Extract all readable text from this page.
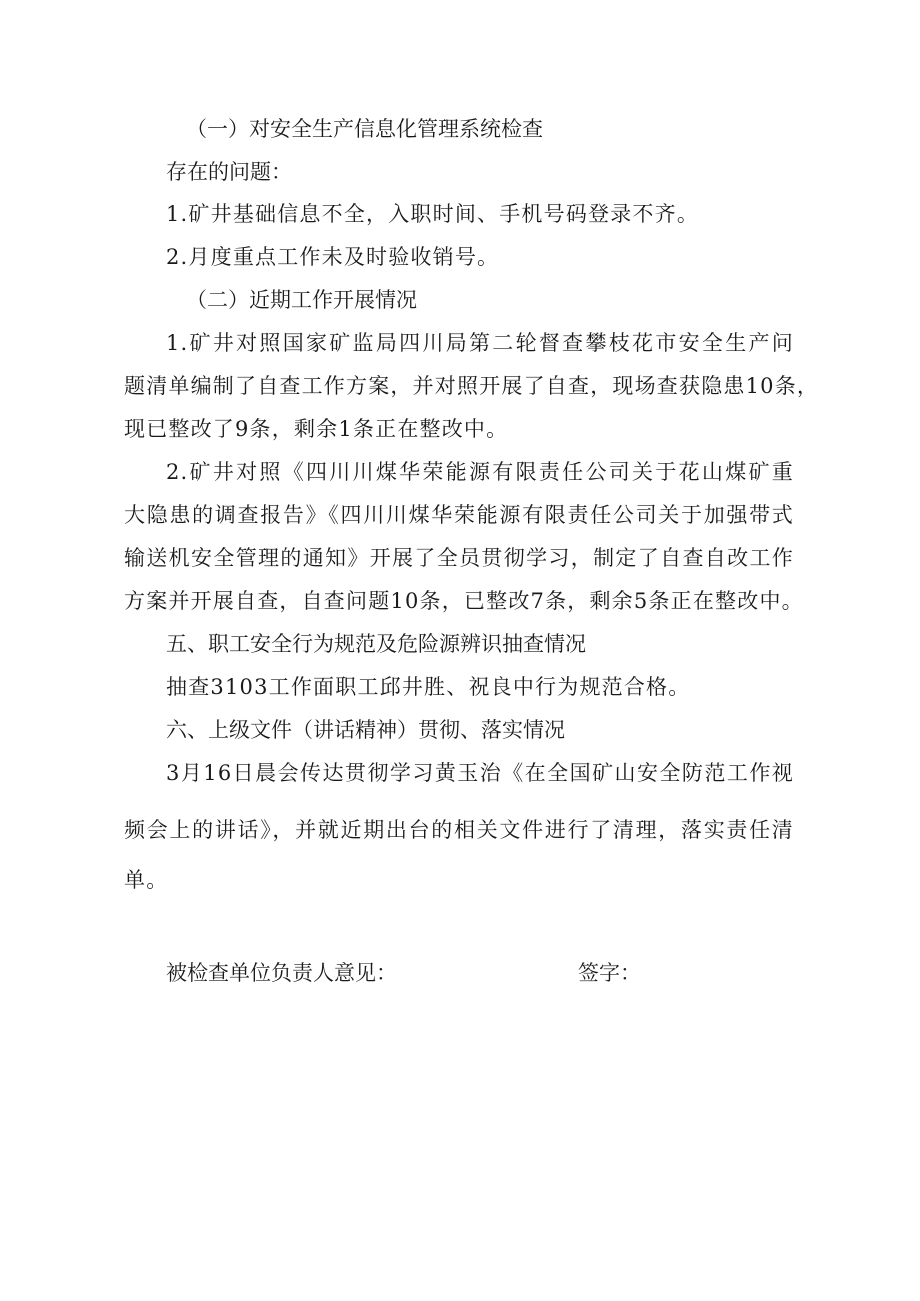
（一）对安全生产信息化管理系统检查
存在的问题：
1.矿井基础信息不全，入职时间、手机号码登录不齐。
2.月度重点工作未及时验收销号。
（二）近期工作开展情况
1.矿井对照国家矿监局四川局第二轮督查攀枝花市安全生产问
题清单编制了自查工作方案，并对照开展了自查，现场查获隐患10条，
现已整改了9条，剩余1条正在整改中。
2.矿井对照《四川川煤华荣能源有限责任公司关于花山煤矿重
大隐患的调查报告》《四川川煤华荣能源有限责任公司关于加强带式
输送机安全管理的通知》开展了全员贯彻学习，制定了自查自改工作
方案并开展自查，自查问题10条，已整改7条，剩余5条正在整改中。
五、职工安全行为规范及危险源辨识抽查情况
抽查3103工作面职工邱井胜、祝良中行为规范合格。
六、上级文件（讲话精神）贯彻、落实情况
3月16日晨会传达贯彻学习黄玉治《在全国矿山安全防范工作视
频会上的讲话》，并就近期出台的相关文件进行了清理，落实责任清
单。
被检查单位负责人意见：	签字：
